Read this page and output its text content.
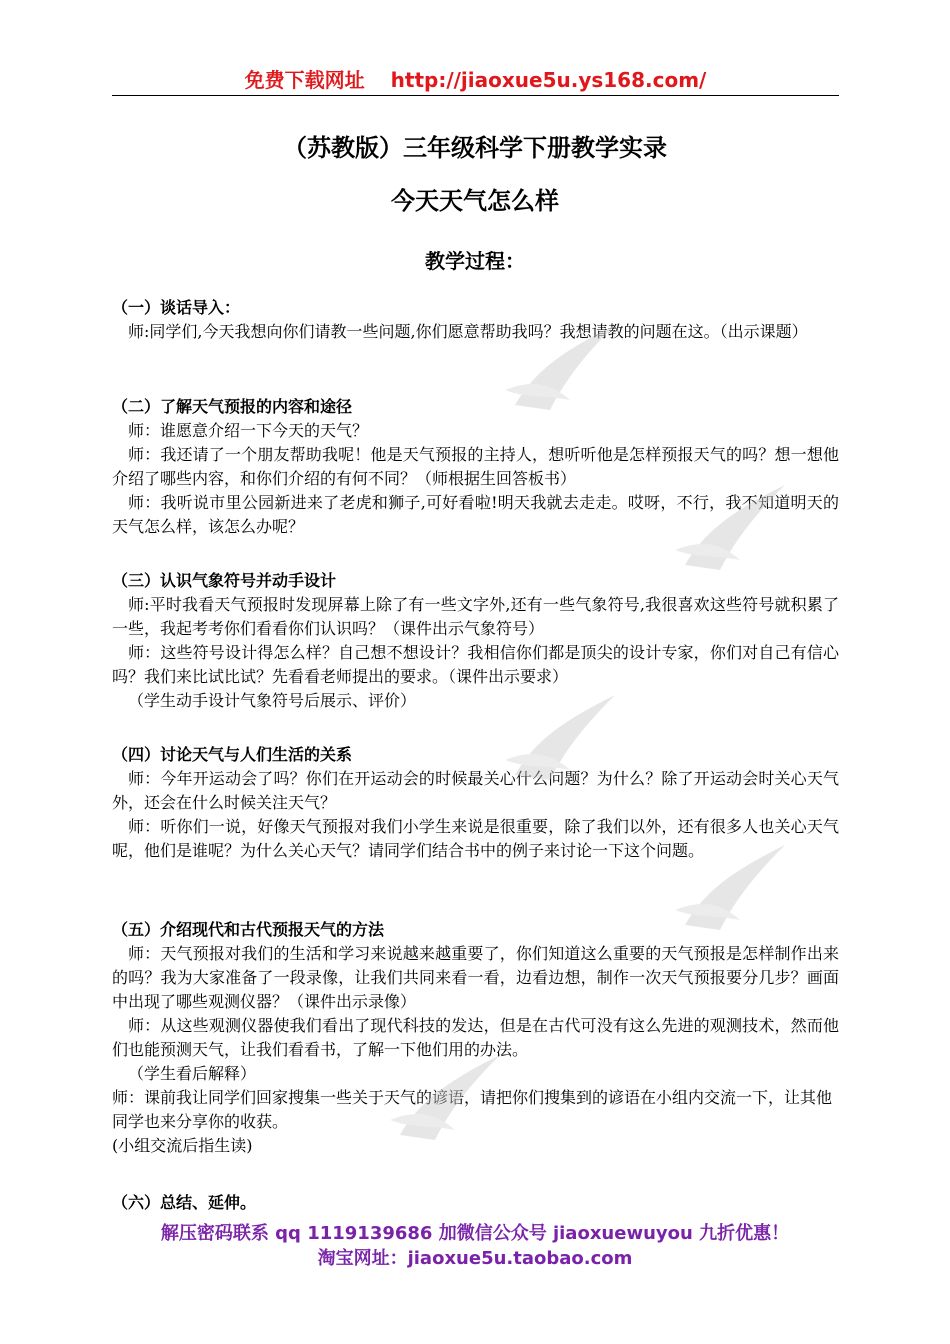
免费下载网址 http://jiaoxue5u.ys168.com/
（苏教版）三年级科学下册教学实录
今天天气怎么样
教学过程：

（一）谈话导入：

师:同学们,今天我想向你们请教一些问题,你们愿意帮助我吗？我想请教的问题在这。（出示课题）

（二）了解天气预报的内容和途径

师：谁愿意介绍一下今天的天气？

师：我还请了一个朋友帮助我呢！他是天气预报的主持人，想听听他是怎样预报天气的吗？想一想他介绍了哪些内容，和你们介绍的有何不同？（师根据生回答板书）

师：我听说市里公园新进来了老虎和狮子,可好看啦!明天我就去走走。哎呀，不行，我不知道明天的天气怎么样，该怎么办呢？

（三）认识气象符号并动手设计

师:平时我看天气预报时发现屏幕上除了有一些文字外,还有一些气象符号,我很喜欢这些符号就积累了一些，我起考考你们看看你们认识吗？（课件出示气象符号）

师：这些符号设计得怎么样？自己想不想设计？我相信你们都是顶尖的设计专家，你们对自己有信心吗？我们来比试比试？先看看老师提出的要求。（课件出示要求）

（学生动手设计气象符号后展示、评价）

（四）讨论天气与人们生活的关系

师：今年开运动会了吗？你们在开运动会的时候最关心什么问题？为什么？除了开运动会时关心天气外，还会在什么时候关注天气？

师：听你们一说，好像天气预报对我们小学生来说是很重要，除了我们以外，还有很多人也关心天气呢，他们是谁呢？为什么关心天气？请同学们结合书中的例子来讨论一下这个问题。

（五）介绍现代和古代预报天气的方法

师：天气预报对我们的生活和学习来说越来越重要了，你们知道这么重要的天气预报是怎样制作出来的吗？我为大家准备了一段录像，让我们共同来看一看，边看边想，制作一次天气预报要分几步？画面中出现了哪些观测仪器？（课件出示录像）

师：从这些观测仪器使我们看出了现代科技的发达，但是在古代可没有这么先进的观测技术，然而他们也能预测天气，让我们看看书，了解一下他们用的办法。

（学生看后解释）

师：课前我让同学们回家搜集一些关于天气的谚语，请把你们搜集到的谚语在小组内交流一下，让其他同学也来分享你的收获。

(小组交流后指生读)

（六）总结、延伸。

解压密码联系 qq 1119139686 加微信公众号 jiaoxuewuyou 九折优惠！
淘宝网址：jiaoxue5u.taobao.com
